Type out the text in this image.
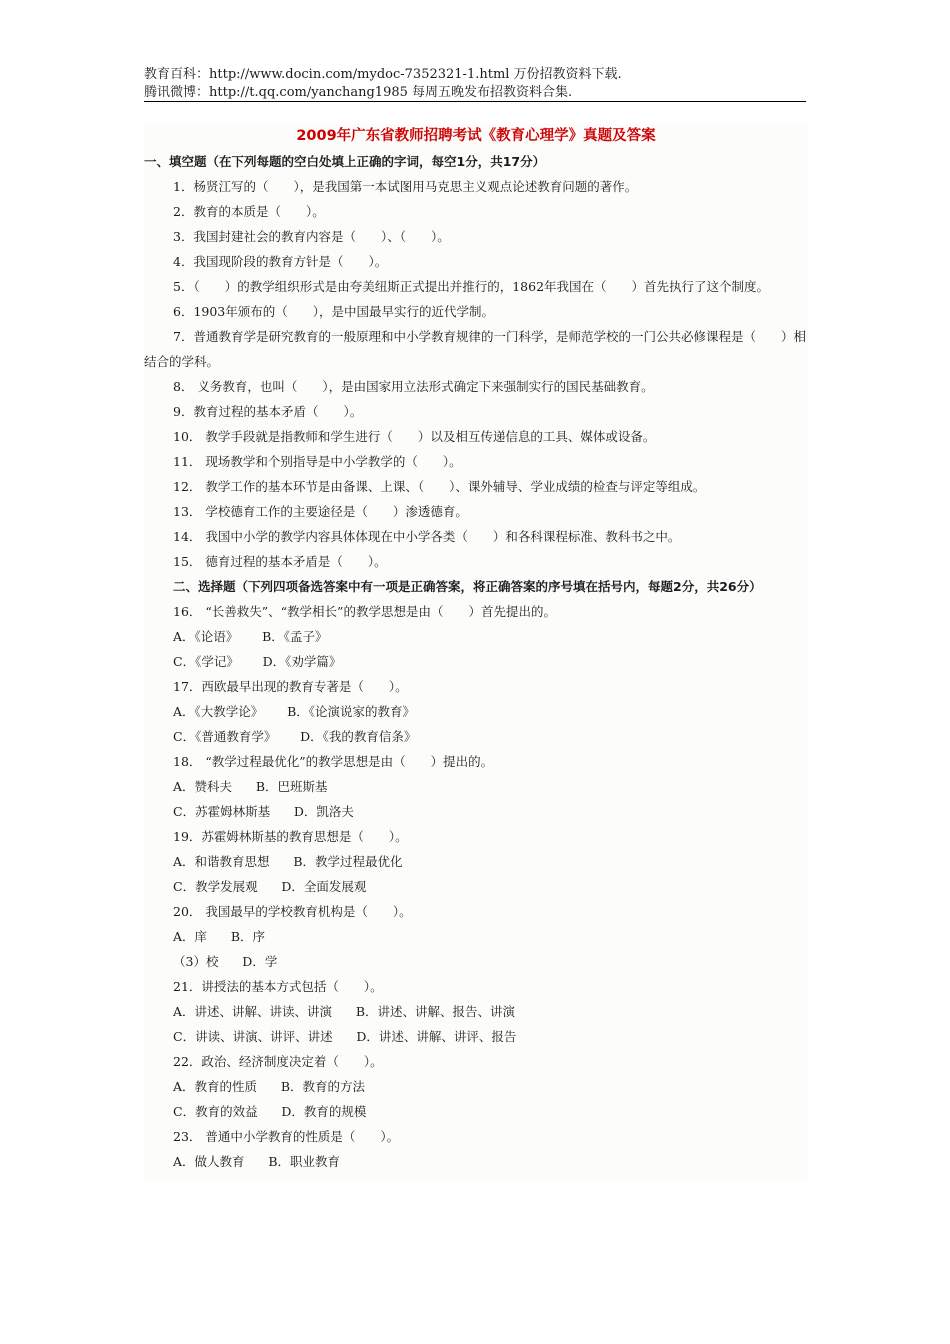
教育百科：http://www.docin.com/mydoc-7352321-1.html 万份招教资料下载.
腾讯微博：http://t.qq.com/yanchang1985 每周五晚发布招教资料合集.
2009年广东省教师招聘考试《教育心理学》真题及答案
一、填空题（在下列每题的空白处填上正确的字词，每空1分，共17分）

1．杨贤江写的（　　），是我国第一本试图用马克思主义观点论述教育问题的著作。

2．教育的本质是（　　）。

3．我国封建社会的教育内容是（　　）、（　　）。

4．我国现阶段的教育方针是（　　）。

5．（　　）的教学组织形式是由夸美纽斯正式提出并推行的，1862年我国在（　　）首先执行了这个制度。

6．1903年颁布的（　　），是中国最早实行的近代学制。

7．普通教育学是研究教育的一般原理和中小学教育规律的一门科学，是师范学校的一门公共必修课程是（　　）相结合的学科。

8． 义务教育，也叫（　　），是由国家用立法形式确定下来强制实行的国民基础教育。

9．教育过程的基本矛盾（　　）。

10． 教学手段就是指教师和学生进行（　　）以及相互传递信息的工具、媒体或设备。

11． 现场教学和个别指导是中小学教学的（　　）。

12． 教学工作的基本环节是由备课、上课、（　　）、课外辅导、学业成绩的检查与评定等组成。

13． 学校德育工作的主要途径是（　　）渗透德育。

14． 我国中小学的教学内容具体体现在中小学各类（　　）和各科课程标准、教科书之中。

15． 德育过程的基本矛盾是（　　）。

二、选择题（下列四项备选答案中有一项是正确答案，将正确答案的序号填在括号内，每题2分，共26分）

16． “长善救失”、“教学相长”的教学思想是由（　　）首先提出的。

A．《论语》      B．《孟子》

C．《学记》      D．《劝学篇》

17．西欧最早出现的教育专著是（　　）。

A．《大教学论》      B．《论演说家的教育》

C．《普通教育学》      D．《我的教育信条》

18． “教学过程最优化”的教学思想是由（　　）提出的。

A．赞科夫      B．巴班斯基

C．苏霍姆林斯基      D．凯洛夫

19．苏霍姆林斯基的教育思想是（　　）。

A．和谐教育思想      B．教学过程最优化

C．教学发展观      D．全面发展观

20． 我国最早的学校教育机构是（　　）。

A．庠      B．序

（3）校      D．学

21．讲授法的基本方式包括（　　）。

A．讲述、讲解、讲读、讲演      B．讲述、讲解、报告、讲演

C．讲读、讲演、讲评、讲述      D．讲述、讲解、讲评、报告

22．政治、经济制度决定着（　　）。

A．教育的性质      B．教育的方法

C．教育的效益      D．教育的规模

23． 普通中小学教育的性质是（　　）。

A．做人教育      B．职业教育
